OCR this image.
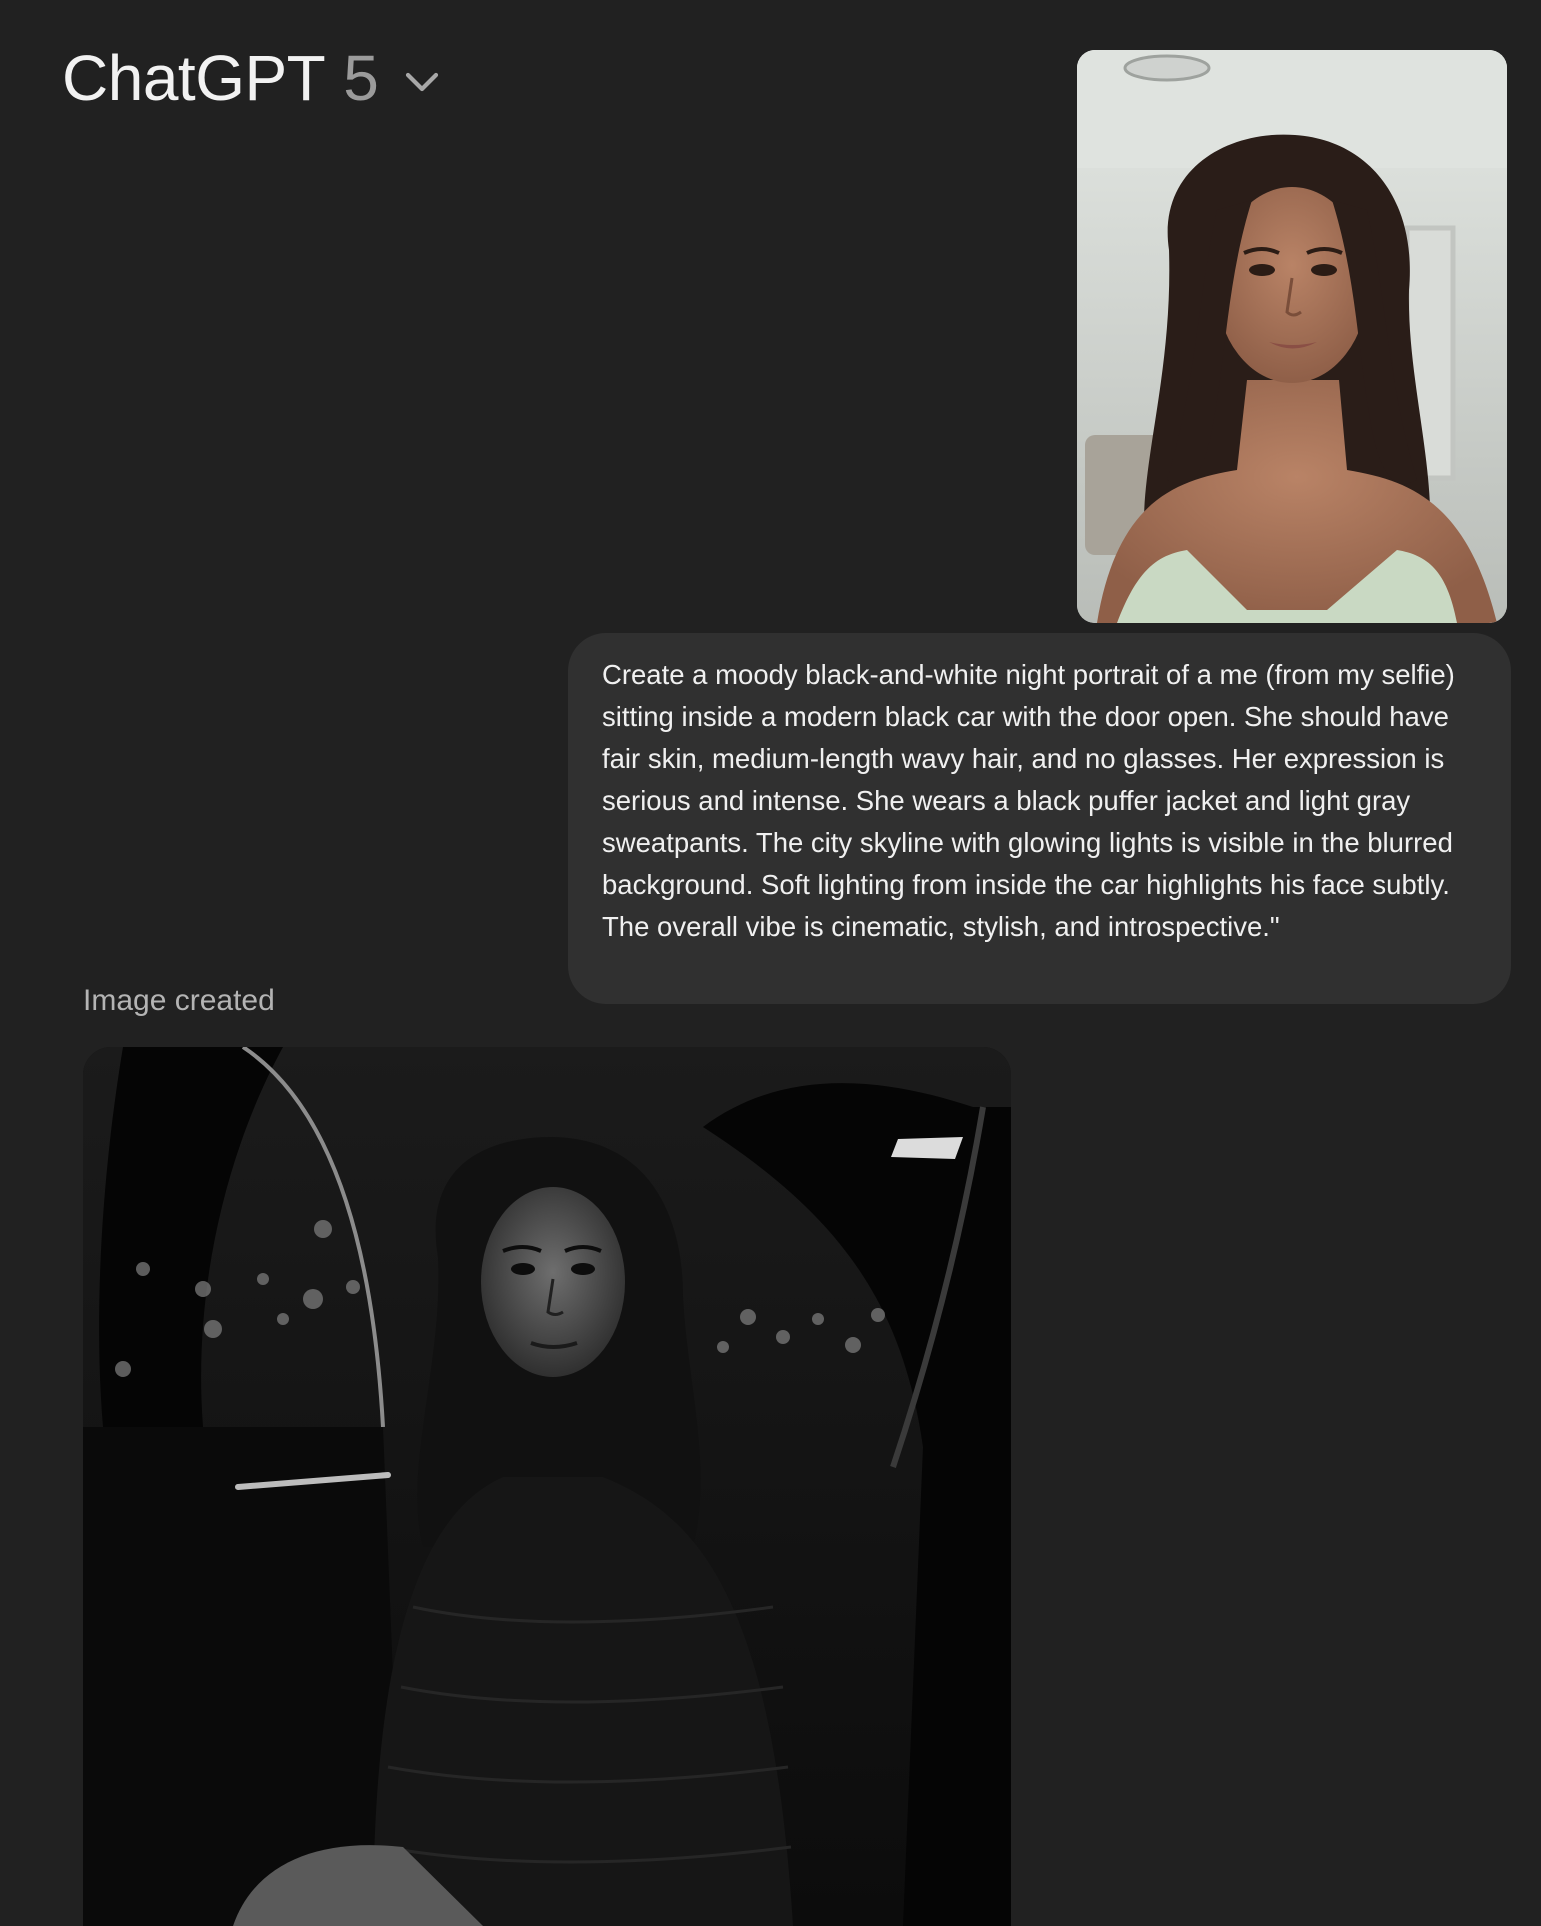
ChatGPT 5
Create a moody black-and-white night portrait of a me (from my selfie) sitting inside a modern black car with the door open. She should have fair skin, medium-length wavy hair, and no glasses. Her expression is serious and intense. She wears a black puffer jacket and light gray sweatpants. The city skyline with glowing lights is visible in the blurred background. Soft lighting from inside the car highlights his face subtly. The overall vibe is cinematic, stylish, and introspective."
Image created
